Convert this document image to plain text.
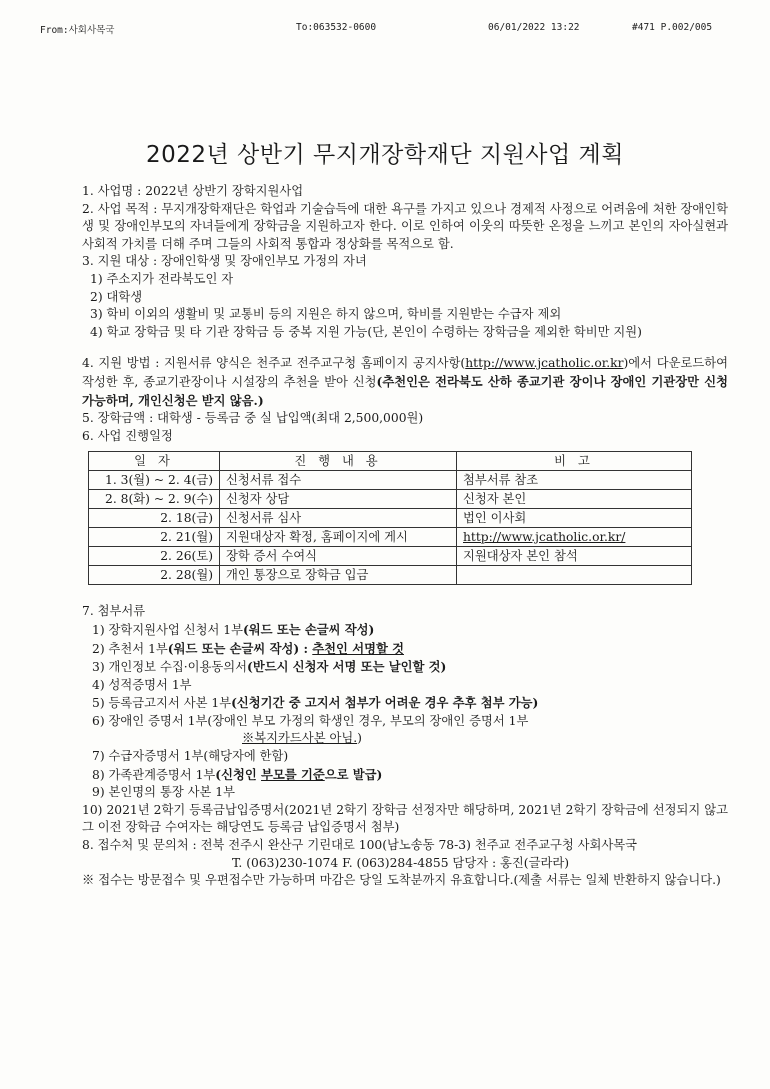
From:사회사목국	To:063532-0600	06/01/2022 13:22	#471 P.002/005
2022년 상반기 무지개장학재단 지원사업 계획

1. 사업명 : 2022년 상반기 장학지원사업

2. 사업 목적 : 무지개장학재단은 학업과 기술습득에 대한 욕구를 가지고 있으나 경제적 사정으로 어려움에 처한 장애인학생 및 장애인부모의 자녀들에게 장학금을 지원하고자 한다. 이로 인하여 이웃의 따뜻한 온정을 느끼고 본인의 자아실현과 사회적 가치를 더해 주며 그들의 사회적 통합과 정상화를 목적으로 함.

3. 지원 대상 : 장애인학생 및 장애인부모 가정의 자녀

1) 주소지가 전라북도인 자

2) 대학생

3) 학비 이외의 생활비 및 교통비 등의 지원은 하지 않으며, 학비를 지원받는 수급자 제외

4) 학교 장학금 및 타 기관 장학금 등 중복 지원 가능(단, 본인이 수령하는 장학금을 제외한 학비만 지원)

4. 지원 방법 : 지원서류 양식은 천주교 전주교구청 홈페이지 공지사항(http://www.jcatholic.or.kr)에서 다운로드하여 작성한 후, 종교기관장이나 시설장의 추천을 받아 신청(추천인은 전라북도 산하 종교기관 장이나 장애인 기관장만 신청 가능하며, 개인신청은 받지 않음.)

5. 장학금액 : 대학생 - 등록금 중 실 납입액(최대 2,500,000원)

6. 사업 진행일정

일 자	진 행 내 용	비 고
1. 3(월) ~ 2. 4(금)	신청서류 접수	첨부서류 참조
2. 8(화) ~ 2. 9(수)	신청자 상담	신청자 본인
2. 18(금)	신청서류 심사	법인 이사회
2. 21(월)	지원대상자 확정, 홈페이지에 게시	http://www.jcatholic.or.kr/
2. 26(토)	장학 증서 수여식	지원대상자 본인 참석
2. 28(월)	개인 통장으로 장학금 입금	

7. 첨부서류

1) 장학지원사업 신청서 1부(워드 또는 손글씨 작성)

2) 추천서 1부(워드 또는 손글씨 작성) : 추천인 서명할 것

3) 개인정보 수집·이용동의서(반드시 신청자 서명 또는 날인할 것)

4) 성적증명서 1부

5) 등록금고지서 사본 1부(신청기간 중 고지서 첨부가 어려운 경우 추후 첨부 가능)

6) 장애인 증명서 1부(장애인 부모 가정의 학생인 경우, 부모의 장애인 증명서 1부

※복지카드사본 아님.)

7) 수급자증명서 1부(해당자에 한함)

8) 가족관계증명서 1부(신청인 부모를 기준으로 발급)

9) 본인명의 통장 사본 1부

10) 2021년 2학기 등록금납입증명서(2021년 2학기 장학금 선정자만 해당하며, 2021년 2학기 장학금에 선정되지 않고 그 이전 장학금 수여자는 해당연도 등록금 납입증명서 첨부)

8. 접수처 및 문의처 : 전북 전주시 완산구 기린대로 100(남노송동 78-3) 천주교 전주교구청 사회사목국

T. (063)230-1074 F. (063)284-4855 담당자 : 홍진(글라라)

※ 접수는 방문접수 및 우편접수만 가능하며 마감은 당일 도착분까지 유효합니다.(제출 서류는 일체 반환하지 않습니다.)
